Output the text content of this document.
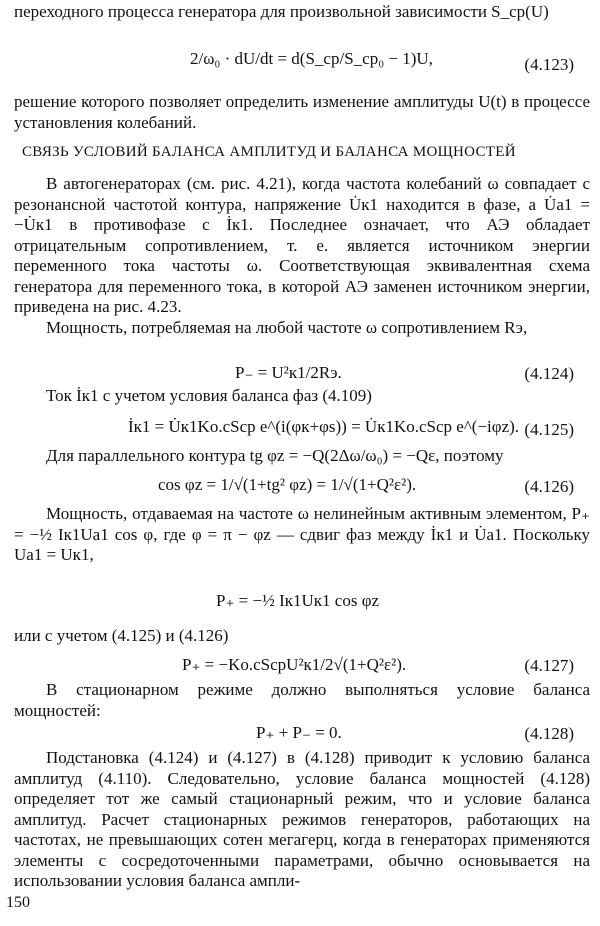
переходного процесса генератора для произвольной зависимости S_ср(U)

2/ω₀ · dU/dt = d(S_ср/S_ср₀ − 1)U,	(4.123)

решение которого позволяет определить изменение амплитуды U(t) в процессе установления колебаний.

СВЯЗЬ УСЛОВИЙ БАЛАНСА АМПЛИТУД И БАЛАНСА МОЩНОСТЕЙ

В автогенераторах (см. рис. 4.21), когда частота колебаний ω совпадает с резонансной частотой контура, напряжение U̇к1 находится в фазе, а U̇а1 = −U̇к1 в противофазе с İк1. Последнее означает, что АЭ обладает отрицательным сопротивлением, т. е. является источником энергии переменного тока частоты ω. Соответствующая эквивалентная схема генератора для переменного тока, в которой АЭ заменен источником энергии, приведена на рис. 4.23.

Мощность, потребляемая на любой частоте ω сопротивлением Rэ,

P₋ = U²к1/2Rэ.	(4.124)

Ток İк1 с учетом условия баланса фаз (4.109)

İк1 = U̇к1Kо.сSср e^(i(φк+φs)) = U̇к1Kо.сSср e^(−iφz). (4.125)

Для параллельного контура tg φz = −Q(2Δω/ω₀) = −Qε, поэтому

cos φz = 1/√(1+tg² φz) = 1/√(1+Q²ε²).	(4.126)

Мощность, отдаваемая на частоте ω нелинейным активным элементом, P₊ = −½ Iк1Uа1 cos φ, где φ = π − φz — сдвиг фаз между İк1 и U̇а1. Поскольку Uа1 = Uк1,

P₊ = −½ Iк1Uк1 cos φz

или с учетом (4.125) и (4.126)

P₊ = −Kо.сSсрU²к1/2√(1+Q²ε²).	(4.127)

В стационарном режиме должно выполняться условие баланса мощностей:

P₊ + P₋ = 0.	(4.128)

Подстановка (4.124) и (4.127) в (4.128) приводит к условию баланса амплитуд (4.110). Следовательно, условие баланса мощностей (4.128) определяет тот же самый стационарный режим, что и условие баланса амплитуд. Расчет стационарных режимов генераторов, работающих на частотах, не превышающих сотен мегагерц, когда в генераторах применяются элементы с сосредоточенными параметрами, обычно основывается на использовании условия баланса ампли-

150
